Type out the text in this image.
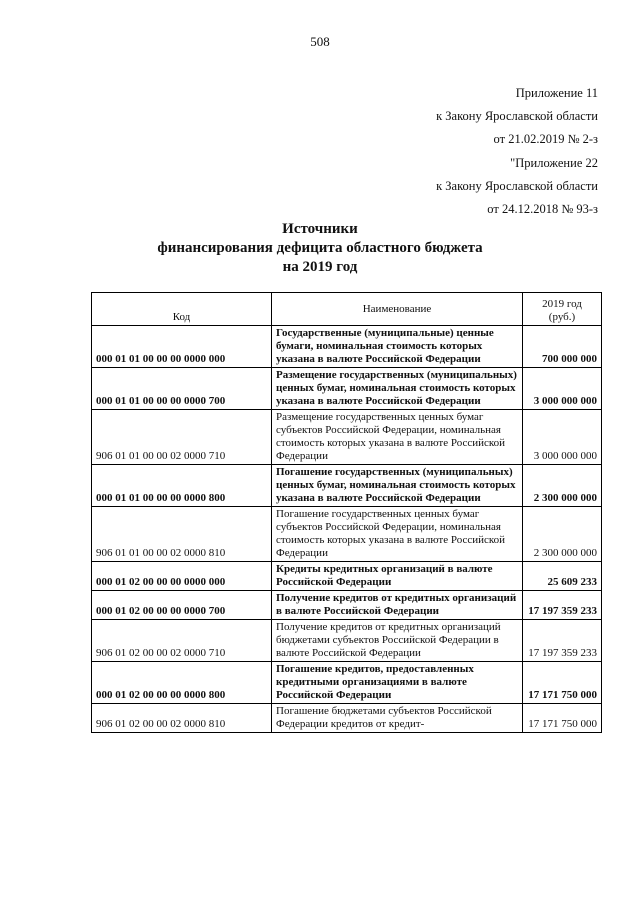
508
Приложение 11
к Закону Ярославской области
от 21.02.2019 № 2-з
"Приложение 22
к Закону Ярославской области
от 24.12.2018 № 93-з
Источники
финансирования дефицита областного бюджета
на 2019 год
Код	Наименование	2019 год
(руб.)

000 01 01 00 00 00 0000 000	Государственные (муниципальные) ценные бумаги, номинальная стоимость которых указана в валюте Российской Федерации	700 000 000
000 01 01 00 00 00 0000 700	Размещение государственных (муниципальных) ценных бумаг, номинальная стоимость которых указана в валюте Российской Федерации	3 000 000 000
906 01 01 00 00 02 0000 710	Размещение государственных ценных бумаг субъектов Российской Федерации, номинальная стоимость которых указана в валюте Российской Федерации	3 000 000 000
000 01 01 00 00 00 0000 800	Погашение государственных (муниципальных) ценных бумаг, номинальная стоимость которых указана в валюте Российской Федерации	2 300 000 000
906 01 01 00 00 02 0000 810	Погашение государственных ценных бумаг субъектов Российской Федерации, номинальная стоимость которых указана в валюте Российской Федерации	2 300 000 000
000 01 02 00 00 00 0000 000	Кредиты кредитных организаций в валюте Российской Федерации	25 609 233
000 01 02 00 00 00 0000 700	Получение кредитов от кредитных организаций в валюте Российской Федерации	17 197 359 233
906 01 02 00 00 02 0000 710	Получение кредитов от кредитных организаций бюджетами субъектов Российской Федерации в валюте Российской Федерации	17 197 359 233
000 01 02 00 00 00 0000 800	Погашение кредитов, предоставленных кредитными организациями в валюте Российской Федерации	17 171 750 000
906 01 02 00 00 02 0000 810	Погашение бюджетами субъектов Российской Федерации кредитов от кредит-	17 171 750 000
